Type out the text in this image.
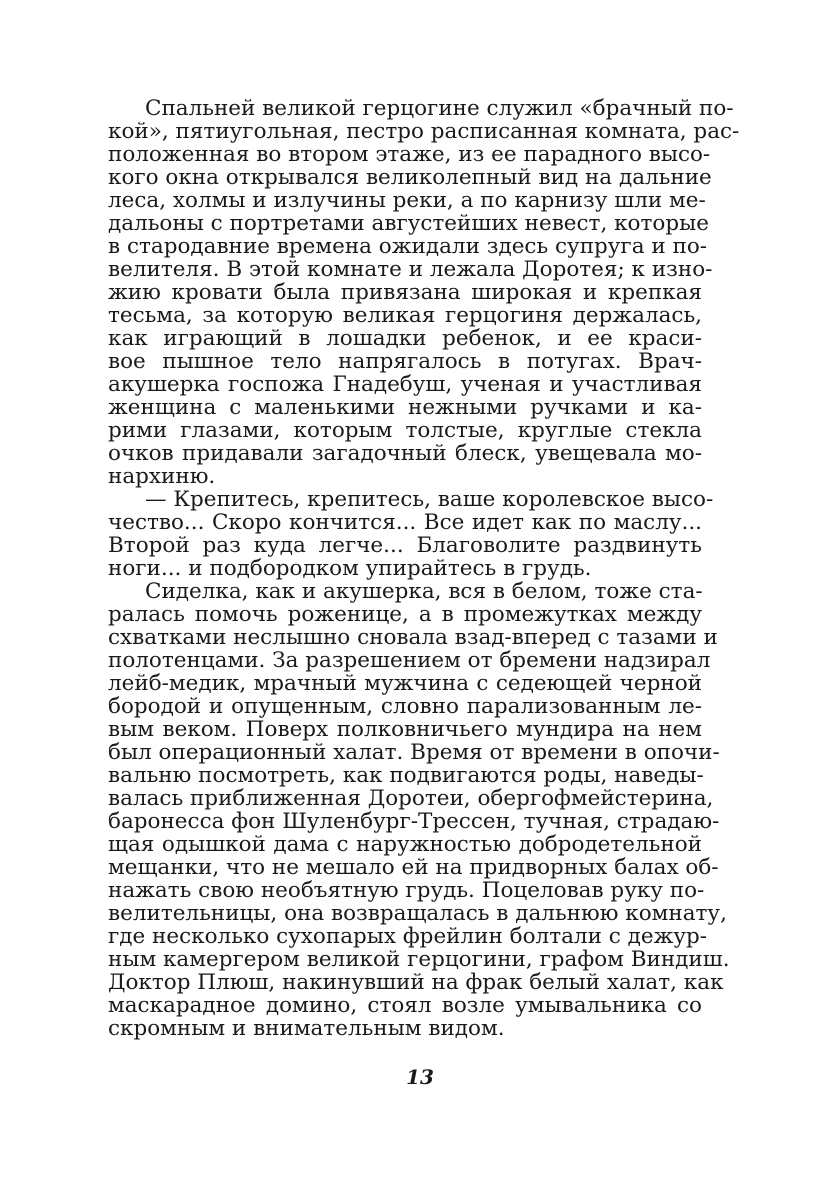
Спальней великой герцогине служил «брачный по-
кой», пятиугольная, пестро расписанная комната, рас-
положенная во втором этаже, из ее парадного высо-
кого окна открывался великолепный вид на дальние
леса, холмы и излучины реки, а по карнизу шли ме-
дальоны с портретами августейших невест, которые
в стародавние времена ожидали здесь супруга и по-
велителя. В этой комнате и лежала Доротея; к изно-
жию кровати была привязана широкая и крепкая
тесьма, за которую великая герцогиня держалась,
как играющий в лошадки ребенок, и ее краси-
вое пышное тело напрягалось в потугах. Врач-
акушерка госпожа Гнадебуш, ученая и участливая
женщина с маленькими нежными ручками и ка-
рими глазами, которым толстые, круглые стекла
очков придавали загадочный блеск, увещевала мо-
нархиню.
— Крепитесь, крепитесь, ваше королевское высо-
чество... Скоро кончится... Все идет как по маслу...
Второй раз куда легче... Благоволите раздвинуть
ноги... и подбородком упирайтесь в грудь.
Сиделка, как и акушерка, вся в белом, тоже ста-
ралась помочь роженице, а в промежутках между
схватками неслышно сновала взад-вперед с тазами и
полотенцами. За разрешением от бремени надзирал
лейб-медик, мрачный мужчина с седеющей черной
бородой и опущенным, словно парализованным ле-
вым веком. Поверх полковничьего мундира на нем
был операционный халат. Время от времени в опочи-
вальню посмотреть, как подвигаются роды, наведы-
валась приближенная Доротеи, обергофмейстерина,
баронесса фон Шуленбург-Трессен, тучная, страдаю-
щая одышкой дама с наружностью добродетельной
мещанки, что не мешало ей на придворных балах об-
нажать свою необъятную грудь. Поцеловав руку по-
велительницы, она возвращалась в дальнюю комнату,
где несколько сухопарых фрейлин болтали с дежур-
ным камергером великой герцогини, графом Виндиш.
Доктор Плюш, накинувший на фрак белый халат, как
маскарадное домино, стоял возле умывальника со
скромным и внимательным видом.
13
